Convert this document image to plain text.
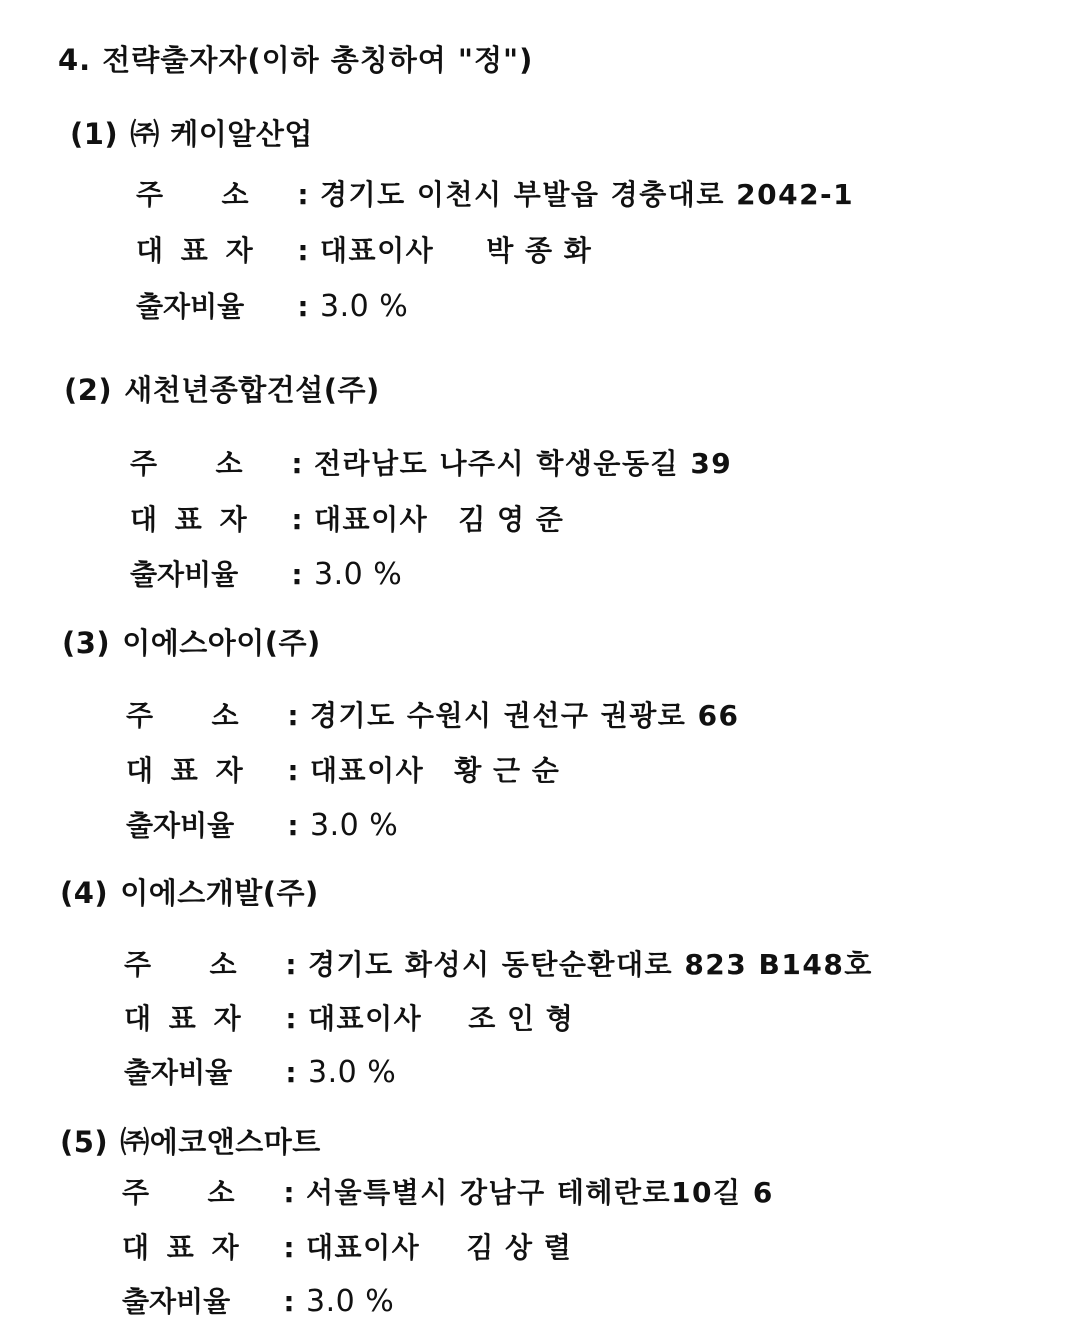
4. 전략출자자(이하 총칭하여 "정")
(1) ㈜ 케이알산업
주      소	: 경기도 이천시 부발읍 경충대로 2042-1
대 표 자	: 대표이사 박 종 화
출자비율	: 3.0 %
(2) 새천년종합건설(주)
주      소	: 전라남도 나주시 학생운동길 39
대 표 자	: 대표이사 김 영 준
출자비율	: 3.0 %
(3) 이에스아이(주)
주      소	: 경기도 수원시 권선구 권광로 66
대 표 자	: 대표이사 황 근 순
출자비율	: 3.0 %
(4) 이에스개발(주)
주      소	: 경기도 화성시 동탄순환대로 823 B148호
대 표 자	: 대표이사 조 인 형
출자비율	: 3.0 %
(5) ㈜에코앤스마트
주      소	: 서울특별시 강남구 테헤란로10길 6
대 표 자	: 대표이사 김 상 렬
출자비율	: 3.0 %
